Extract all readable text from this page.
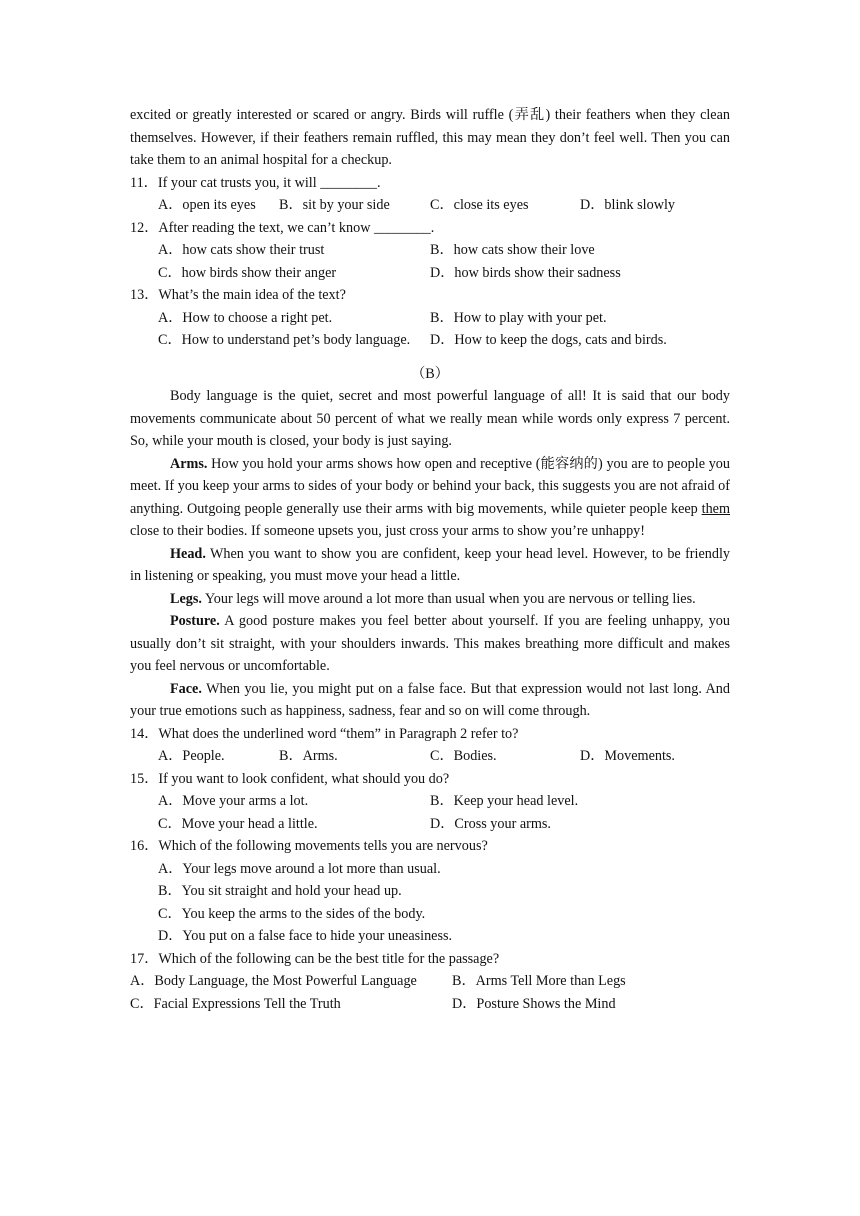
excited or greatly interested or scared or angry. Birds will ruffle (弄乱) their feathers when they clean themselves. However, if their feathers remain ruffled, this may mean they don’t feel well. Then you can take them to an animal hospital for a checkup.
11．If your cat trusts you, it will ________.
A．open its eyes	B．sit by your side	C．close its eyes	D．blink slowly
12．After reading the text, we can’t know ________.
A．how cats show their trust	B．how cats show their love
C．how birds show their anger	D．how birds show their sadness
13．What’s the main idea of the text?
A．How to choose a right pet.	B．How to play with your pet.
C．How to understand pet’s body language.	D．How to keep the dogs, cats and birds.
（B）
Body language is the quiet, secret and most powerful language of all! It is said that our body movements communicate about 50 percent of what we really mean while words only express 7 percent. So, while your mouth is closed, your body is just saying.
Arms. How you hold your arms shows how open and receptive (能容纳的) you are to people you meet. If you keep your arms to sides of your body or behind your back, this suggests you are not afraid of anything. Outgoing people generally use their arms with big movements, while quieter people keep them close to their bodies. If someone upsets you, just cross your arms to show you’re unhappy!
Head. When you want to show you are confident, keep your head level. However, to be friendly in listening or speaking, you must move your head a little.
Legs. Your legs will move around a lot more than usual when you are nervous or telling lies.
Posture. A good posture makes you feel better about yourself. If you are feeling unhappy, you usually don’t sit straight, with your shoulders inwards. This makes breathing more difficult and makes you feel nervous or uncomfortable.
Face. When you lie, you might put on a false face. But that expression would not last long. And your true emotions such as happiness, sadness, fear and so on will come through.
14．What does the underlined word “them” in Paragraph 2 refer to?
A．People.	B．Arms.	C．Bodies.	D．Movements.
15．If you want to look confident, what should you do?
A．Move your arms a lot.	B．Keep your head level.
C．Move your head a little.	D．Cross your arms.
16．Which of the following movements tells you are nervous?
A．Your legs move around a lot more than usual.
B．You sit straight and hold your head up.
C．You keep the arms to the sides of the body.
D．You put on a false face to hide your uneasiness.
17．Which of the following can be the best title for the passage?
A．Body Language, the Most Powerful Language	B．Arms Tell More than Legs
C．Facial Expressions Tell the Truth	D．Posture Shows the Mind
